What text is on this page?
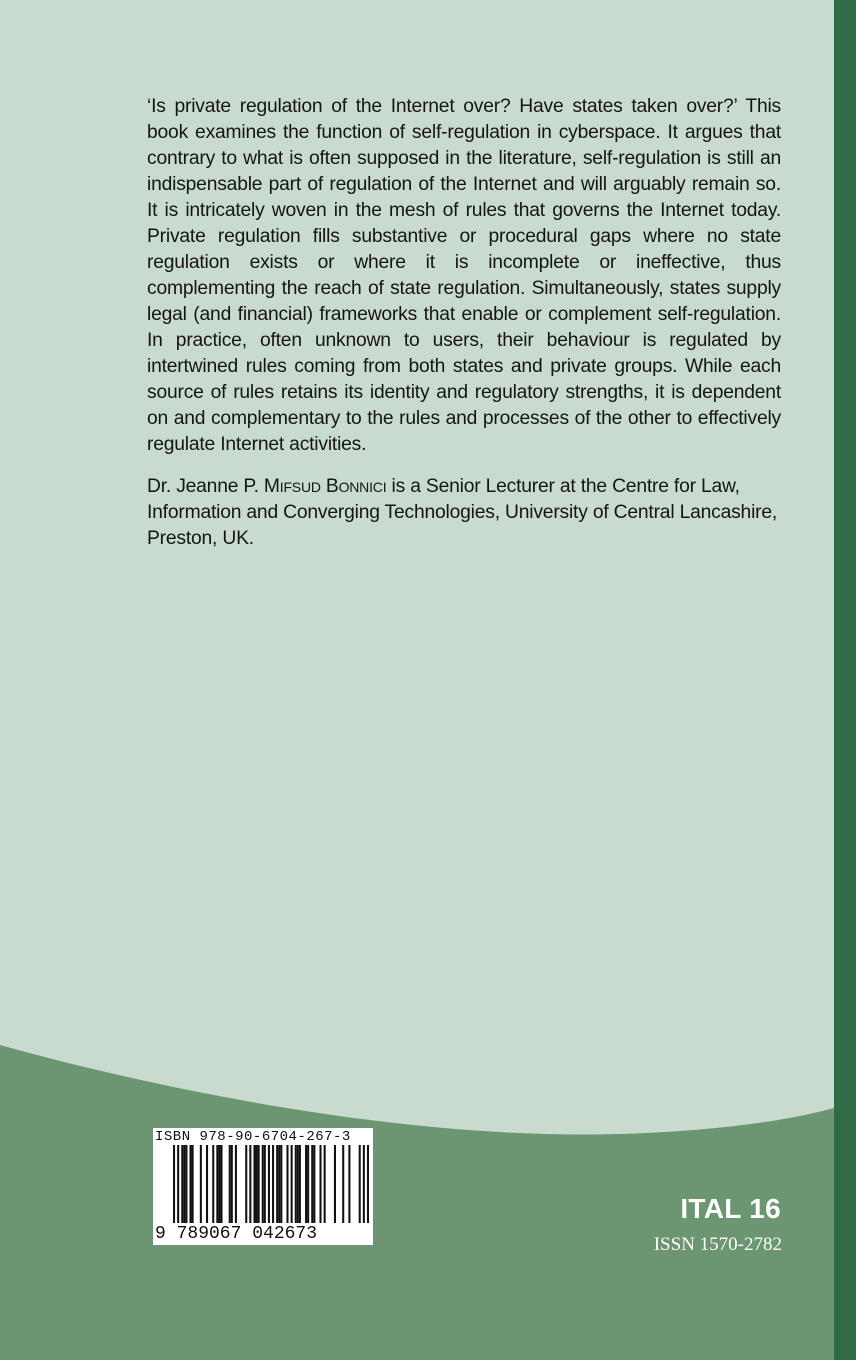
‘Is private regulation of the Internet over? Have states taken over?’ This book examines the function of self-regulation in cyberspace. It argues that contrary to what is often supposed in the literature, self-regulation is still an indispensable part of regulation of the Internet and will arguably remain so. It is intricately woven in the mesh of rules that governs the Internet today. Private regulation fills substantive or procedural gaps where no state regulation exists or where it is incomplete or ineffective, thus complementing the reach of state regulation. Simultaneously, states supply legal (and financial) frameworks that enable or complement self-regulation. In practice, often unknown to users, their behaviour is regulated by intertwined rules coming from both states and private groups. While each source of rules retains its identity and regulatory strengths, it is dependent on and complementary to the rules and processes of the other to effectively regulate Internet activities.

Dr. Jeanne P. Mifsud Bonnici is a Senior Lecturer at the Centre for Law, Information and Converging Technologies, University of Central Lancashire, Preston, UK.

ISBN 978-90-6704-267-3
9 789067 042673

ITAL 16

ISSN 1570-2782
